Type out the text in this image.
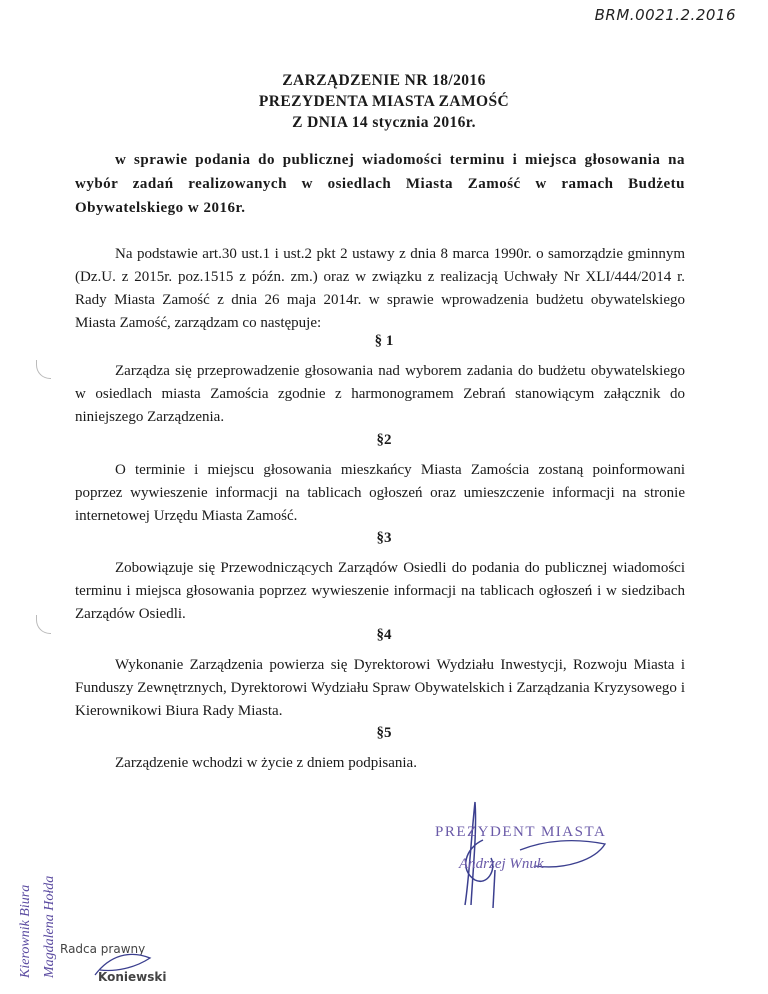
BRM.0021.2.2016
ZARZĄDZENIE NR 18/2016
PREZYDENTA MIASTA ZAMOŚĆ
Z DNIA 14 stycznia 2016r.
w sprawie podania do publicznej wiadomości terminu i miejsca głosowania na wybór zadań realizowanych w osiedlach Miasta Zamość w ramach Budżetu Obywatelskiego w 2016r.
Na podstawie art.30 ust.1 i ust.2 pkt 2 ustawy z dnia 8 marca 1990r. o samorządzie gminnym (Dz.U. z 2015r. poz.1515 z późn. zm.) oraz w związku z realizacją Uchwały Nr XLI/444/2014 r. Rady Miasta Zamość z dnia 26 maja 2014r. w sprawie wprowadzenia budżetu obywatelskiego Miasta Zamość, zarządzam co następuje:
§ 1
Zarządza się przeprowadzenie głosowania nad wyborem zadania do budżetu obywatelskiego w osiedlach miasta Zamościa zgodnie z harmonogramem Zebrań stanowiącym załącznik do niniejszego Zarządzenia.
§2
O terminie i miejscu głosowania mieszkańcy Miasta Zamościa zostaną poinformowani poprzez wywieszenie informacji na tablicach ogłoszeń oraz umieszczenie informacji na stronie internetowej Urzędu Miasta Zamość.
§3
Zobowiązuje się Przewodniczących Zarządów Osiedli do podania do publicznej wiadomości terminu i miejsca głosowania poprzez wywieszenie informacji na tablicach ogłoszeń i w siedzibach Zarządów Osiedli.
§4
Wykonanie Zarządzenia powierza się Dyrektorowi Wydziału Inwestycji, Rozwoju Miasta i Funduszy Zewnętrznych, Dyrektorowi Wydziału Spraw Obywatelskich i Zarządzania Kryzysowego i Kierownikowi Biura Rady Miasta.
§5
Zarządzenie wchodzi w życie z dniem podpisania.
PREZYDENT MIASTA
Andrzej Wnuk
Kierownik Biura Magdalena Hołda Radca prawny
Koniewski
